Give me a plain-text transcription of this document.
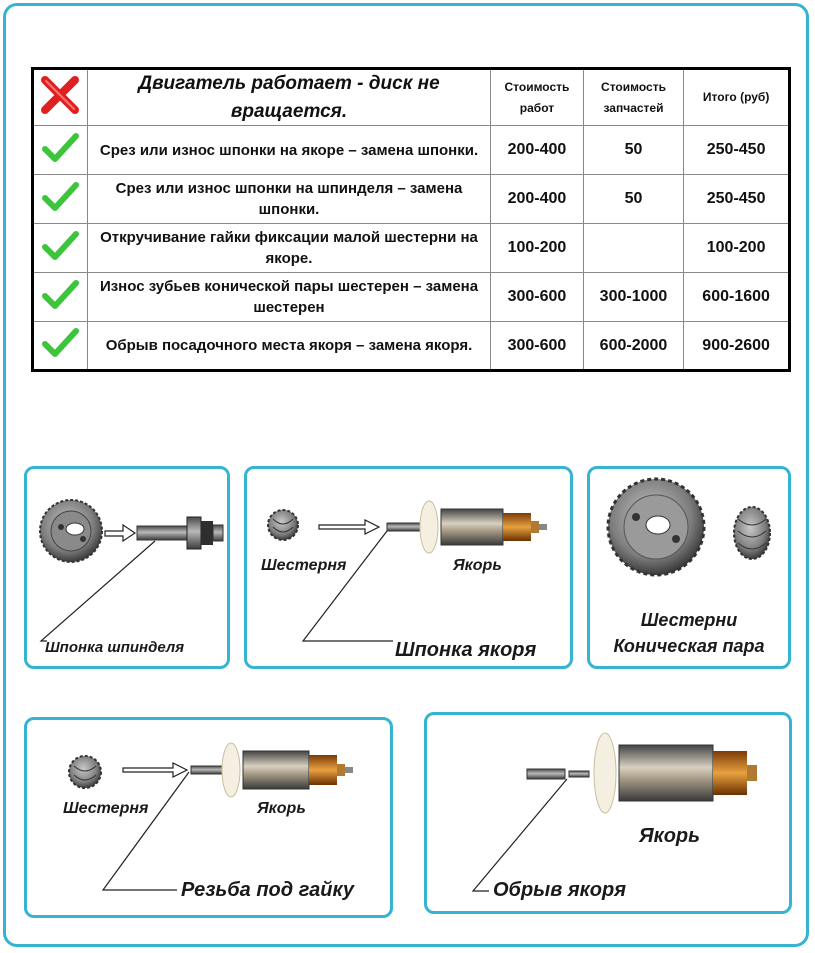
	Двигатель работает - диск не вращается.	Стоимость работ	Стоимость запчастей	Итого (руб)
	Срез или износ шпонки на якоре – замена шпонки.	200-400	50	250-450
	Срез или износ шпонки на шпинделя – замена шпонки.	200-400	50	250-450
	Откручивание гайки фиксации малой шестерни на якоре.	100-200		100-200
	Износ зубьев конической пары шестерен – замена шестерен	300-600	300-1000	600-1600
	Обрыв посадочного места якоря – замена якоря.	300-600	600-2000	900-2600
Шпонка шпинделя
Шестерня	Якорь
Шпонка якоря
Шестерни
Коническая пара
Шестерня	Якорь
Резьба под гайку
Якорь
Обрыв якоря
